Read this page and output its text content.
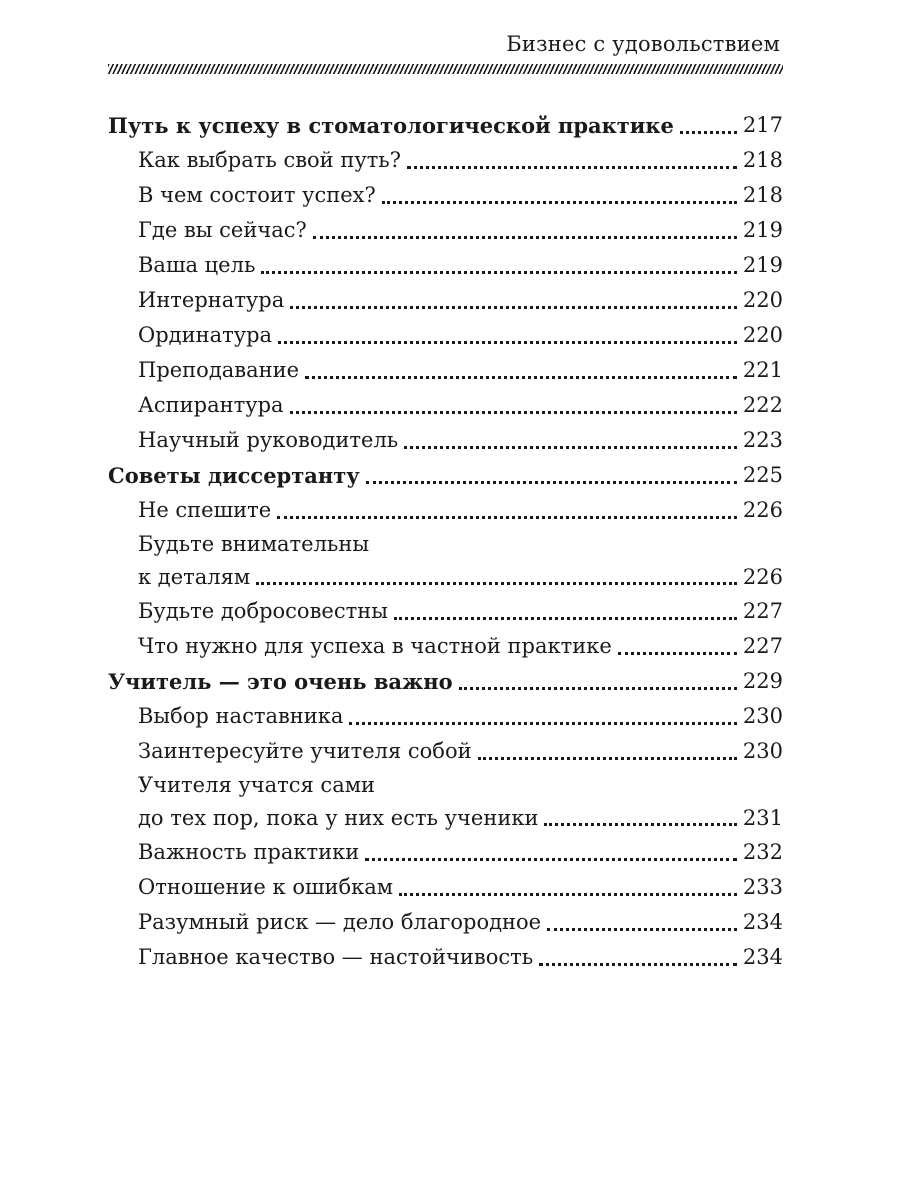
Бизнес с удовольствием
Путь к успеху в стоматологической практике	217
Как выбрать свой путь?	218
В чем состоит успех?	218
Где вы сейчас?	219
Ваша цель	219
Интернатура	220
Ординатура	220
Преподавание	221
Аспирантура	222
Научный руководитель	223
Советы диссертанту	225
Не спешите	226
Будьте внимательны
к деталям	226
Будьте добросовестны	227
Что нужно для успеха в частной практике	227
Учитель — это очень важно	229
Выбор наставника	230
Заинтересуйте учителя собой	230
Учителя учатся сами
до тех пор, пока у них есть ученики	231
Важность практики	232
Отношение к ошибкам	233
Разумный риск — дело благородное	234
Главное качество — настойчивость	234
